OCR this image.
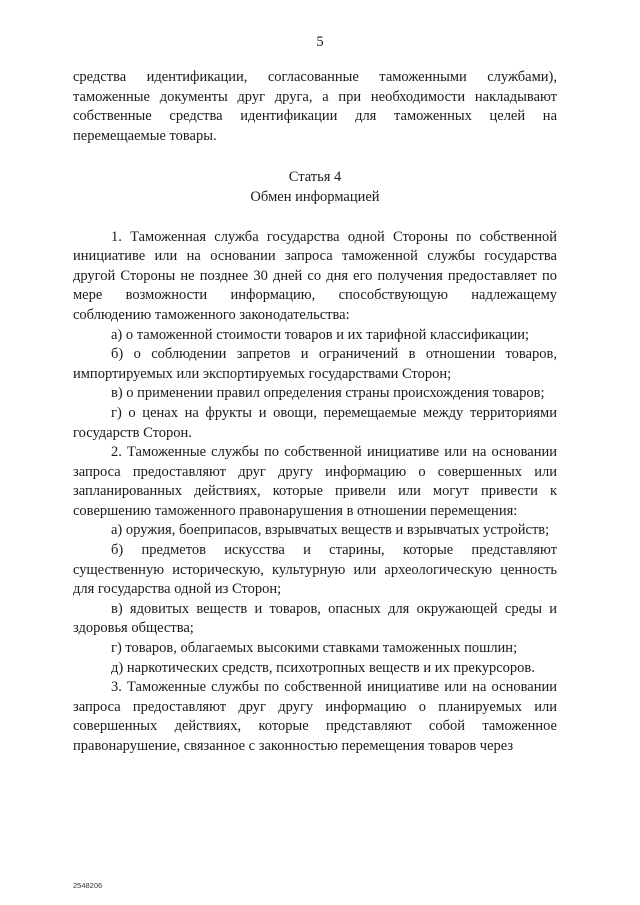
5

средства идентификации, согласованные таможенными службами), таможенные документы друг друга, а при необходимости накладывают собственные средства идентификации для таможенных целей на перемещаемые товары.

Статья 4

Обмен информацией

1. Таможенная служба государства одной Стороны по собственной инициативе или на основании запроса таможенной службы государства другой Стороны не позднее 30 дней со дня его получения предоставляет по мере возможности информацию, способствующую надлежащему соблюдению таможенного законодательства:

а) о таможенной стоимости товаров и их тарифной классификации;

б) о соблюдении запретов и ограничений в отношении товаров, импортируемых или экспортируемых государствами Сторон;

в) о применении правил определения страны происхождения товаров;

г) о ценах на фрукты и овощи, перемещаемые между территориями государств Сторон.

2. Таможенные службы по собственной инициативе или на основании запроса предоставляют друг другу информацию о совершенных или запланированных действиях, которые привели или могут привести к совершению таможенного правонарушения в отношении перемещения:

а) оружия, боеприпасов, взрывчатых веществ и взрывчатых устройств;

б) предметов искусства и старины, которые представляют существенную историческую, культурную или археологическую ценность для государства одной из Сторон;

в) ядовитых веществ и товаров, опасных для окружающей среды и здоровья общества;

г) товаров, облагаемых высокими ставками таможенных пошлин;

д) наркотических средств, психотропных веществ и их прекурсоров.

3. Таможенные службы по собственной инициативе или на основании запроса предоставляют друг другу информацию о планируемых или совершенных действиях, которые представляют собой таможенное правонарушение, связанное с законностью перемещения товаров через

2548206
